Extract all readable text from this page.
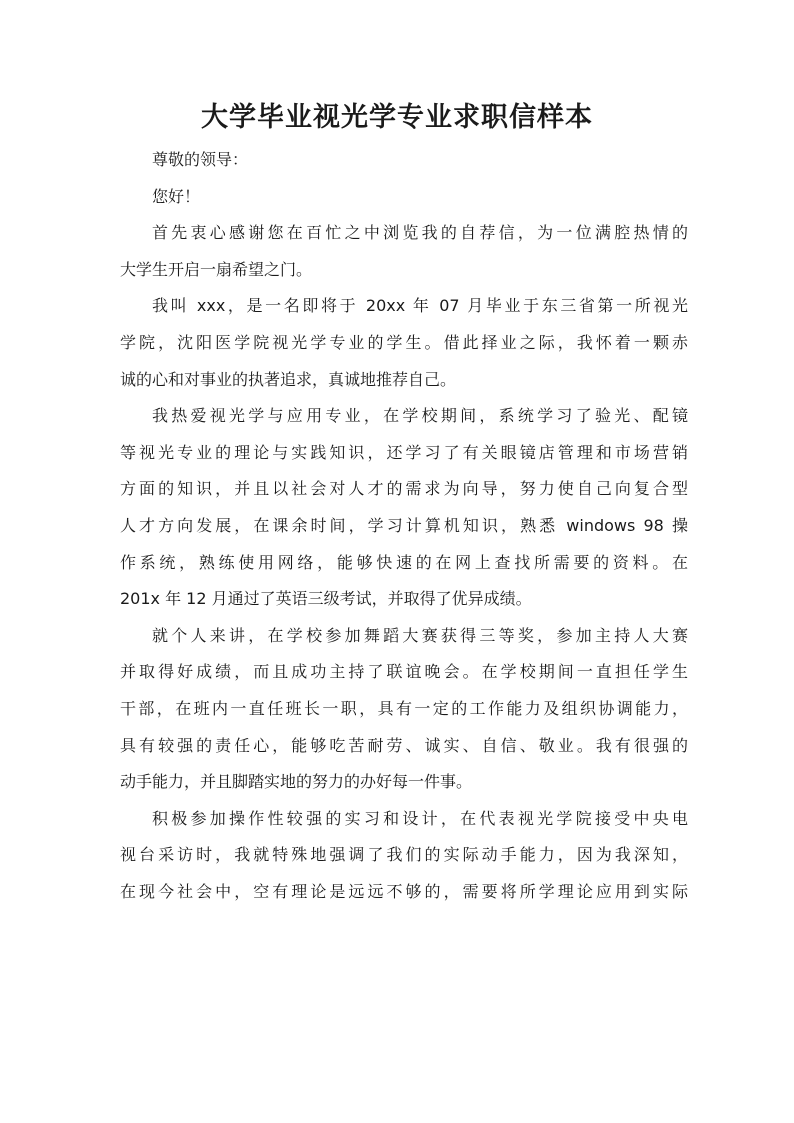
大学毕业视光学专业求职信样本

尊敬的领导：

您好！

首先衷心感谢您在百忙之中浏览我的自荐信，为一位满腔热情的
大学生开启一扇希望之门。

我叫 xxx，是一名即将于 20xx 年 07 月毕业于东三省第一所视光
学院，沈阳医学院视光学专业的学生。借此择业之际，我怀着一颗赤
诚的心和对事业的执著追求，真诚地推荐自己。

我热爱视光学与应用专业，在学校期间，系统学习了验光、配镜
等视光专业的理论与实践知识，还学习了有关眼镜店管理和市场营销
方面的知识，并且以社会对人才的需求为向导，努力使自己向复合型
人才方向发展，在课余时间，学习计算机知识，熟悉 windows 98 操
作系统，熟练使用网络，能够快速的在网上查找所需要的资料。在
201x 年 12 月通过了英语三级考试，并取得了优异成绩。

就个人来讲，在学校参加舞蹈大赛获得三等奖，参加主持人大赛
并取得好成绩，而且成功主持了联谊晚会。在学校期间一直担任学生
干部，在班内一直任班长一职，具有一定的工作能力及组织协调能力，
具有较强的责任心，能够吃苦耐劳、诚实、自信、敬业。我有很强的
动手能力，并且脚踏实地的努力的办好每一件事。

积极参加操作性较强的实习和设计，在代表视光学院接受中央电
视台采访时，我就特殊地强调了我们的实际动手能力，因为我深知，
在现今社会中，空有理论是远远不够的，需要将所学理论应用到实际
